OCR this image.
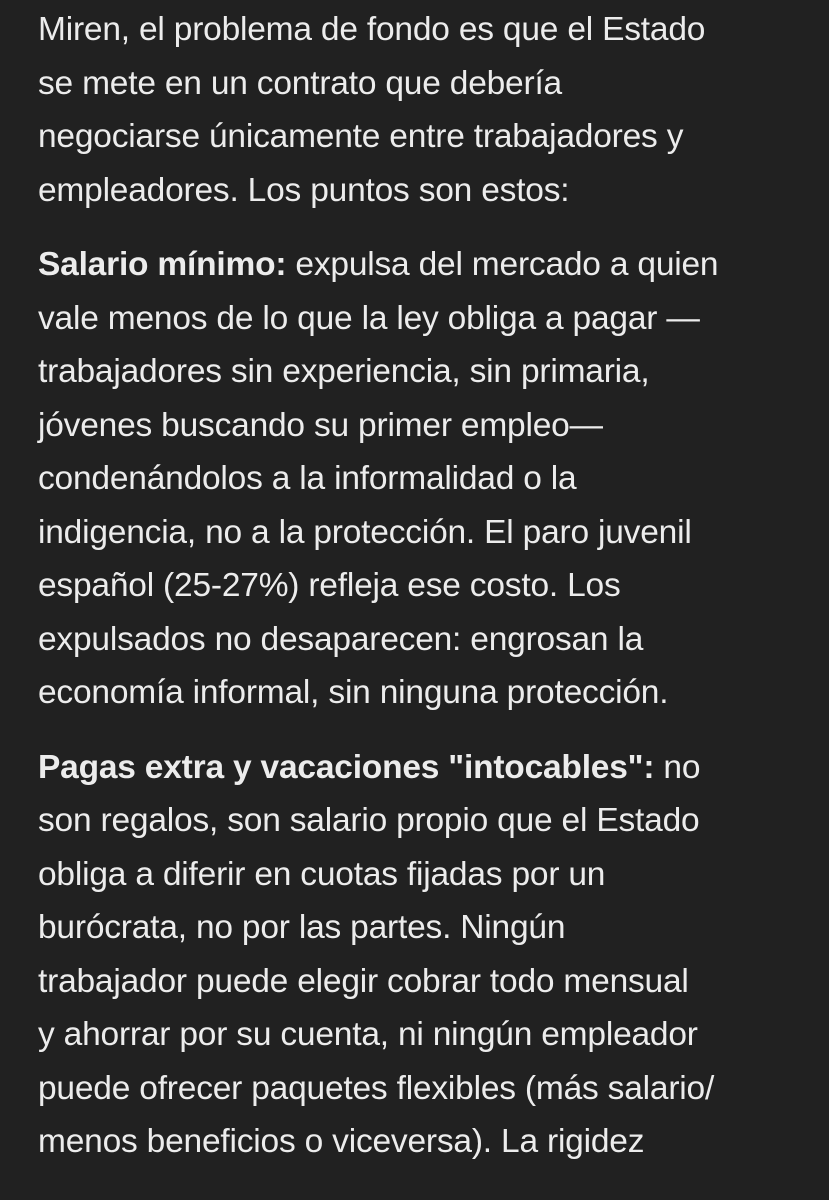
Miren, el problema de fondo es que el Estado
se mete en un contrato que debería
negociarse únicamente entre trabajadores y
empleadores. Los puntos son estos:
Salario mínimo: expulsa del mercado a quien
vale menos de lo que la ley obliga a pagar —
trabajadores sin experiencia, sin primaria,
jóvenes buscando su primer empleo—
condenándolos a la informalidad o la
indigencia, no a la protección. El paro juvenil
español (25-27%) refleja ese costo. Los
expulsados no desaparecen: engrosan la
economía informal, sin ninguna protección.
Pagas extra y vacaciones "intocables": no
son regalos, son salario propio que el Estado
obliga a diferir en cuotas fijadas por un
burócrata, no por las partes. Ningún
trabajador puede elegir cobrar todo mensual
y ahorrar por su cuenta, ni ningún empleador
puede ofrecer paquetes flexibles (más salario/
menos beneficios o viceversa). La rigidez
